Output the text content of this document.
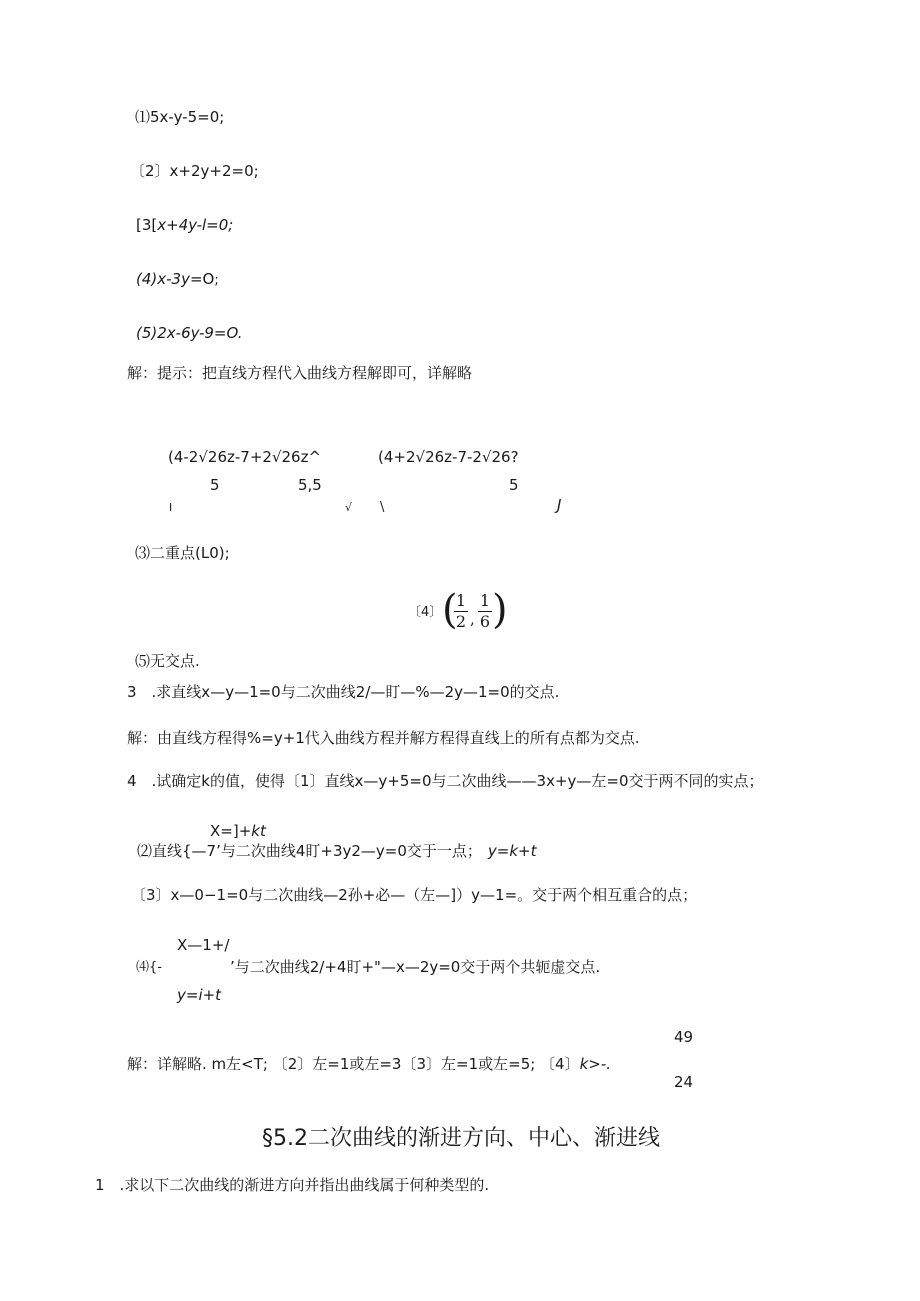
⑴5x-y-5=0;
〔2〕x+2y+2=0;
[3[x+4y-l=0;
(4)x-3y=O;
(5)2x-6y-9=O.
解：提示：把直线方程代入曲线方程解即可，详解略
(4-2√26z-7+2√26z^	(4+2√26z-7-2√26?
5	5,5	5
I	√ \	J
⑶二重点(L0);
〔4〕 (
1
2 ,
1
6 )
⑸无交点.
3　.求直线x—y—1=0与二次曲线2/—盯—%—2y—1=0的交点.
解：由直线方程得%=y+1代入曲线方程并解方程得直线上的所有点都为交点.
4　.试确定k的值，使得〔1〕直线x—y+5=0与二次曲线——3x+y—左=0交于两不同的实点；
X=]+kt
⑵直线{—7’与二次曲线4盯+3y2—y=0交于一点； y=k+t
〔3〕x—0−1=0与二次曲线—2孙+必—（左—]）y—1=。交于两个相互重合的点；
X—1+/
⑷{-	’与二次曲线2/+4盯+"—x—2y=0交于两个共轭虚交点.
y=i+t
49
解：详解略. m左<T; 〔2〕左=1或左=3〔3〕左=1或左=5; 〔4〕k>-.
24
§5.2二次曲线的渐进方向、中心、渐进线
1　.求以下二次曲线的渐进方向并指出曲线属于何种类型的.
